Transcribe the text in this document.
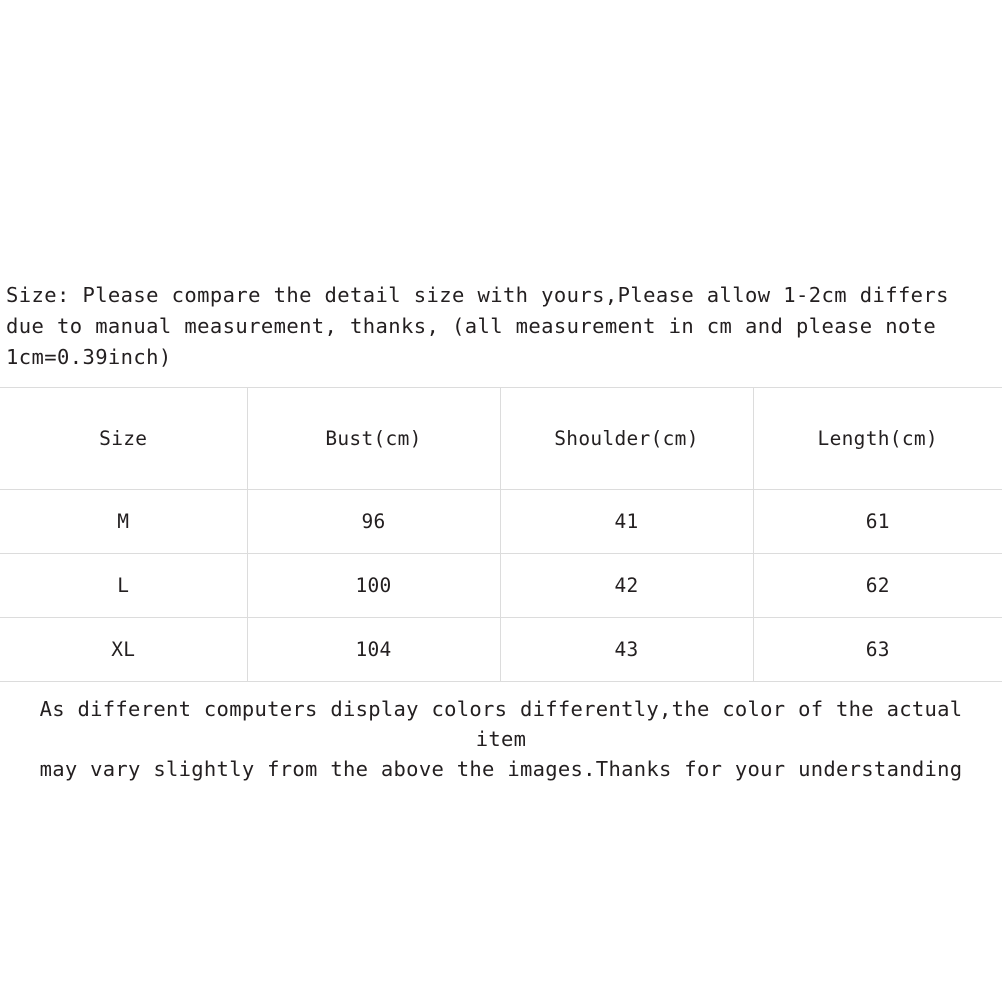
Size: Please compare the detail size with yours,Please allow 1-2cm differs due to manual measurement, thanks, (all measurement in cm and please note 1cm=0.39inch)

Size	Bust(cm)	Shoulder(cm)	Length(cm)
M	96	41	61
L	100	42	62
XL	104	43	63

As different computers display colors differently,the color of the actual item
may vary slightly from the above the images.Thanks for your understanding
